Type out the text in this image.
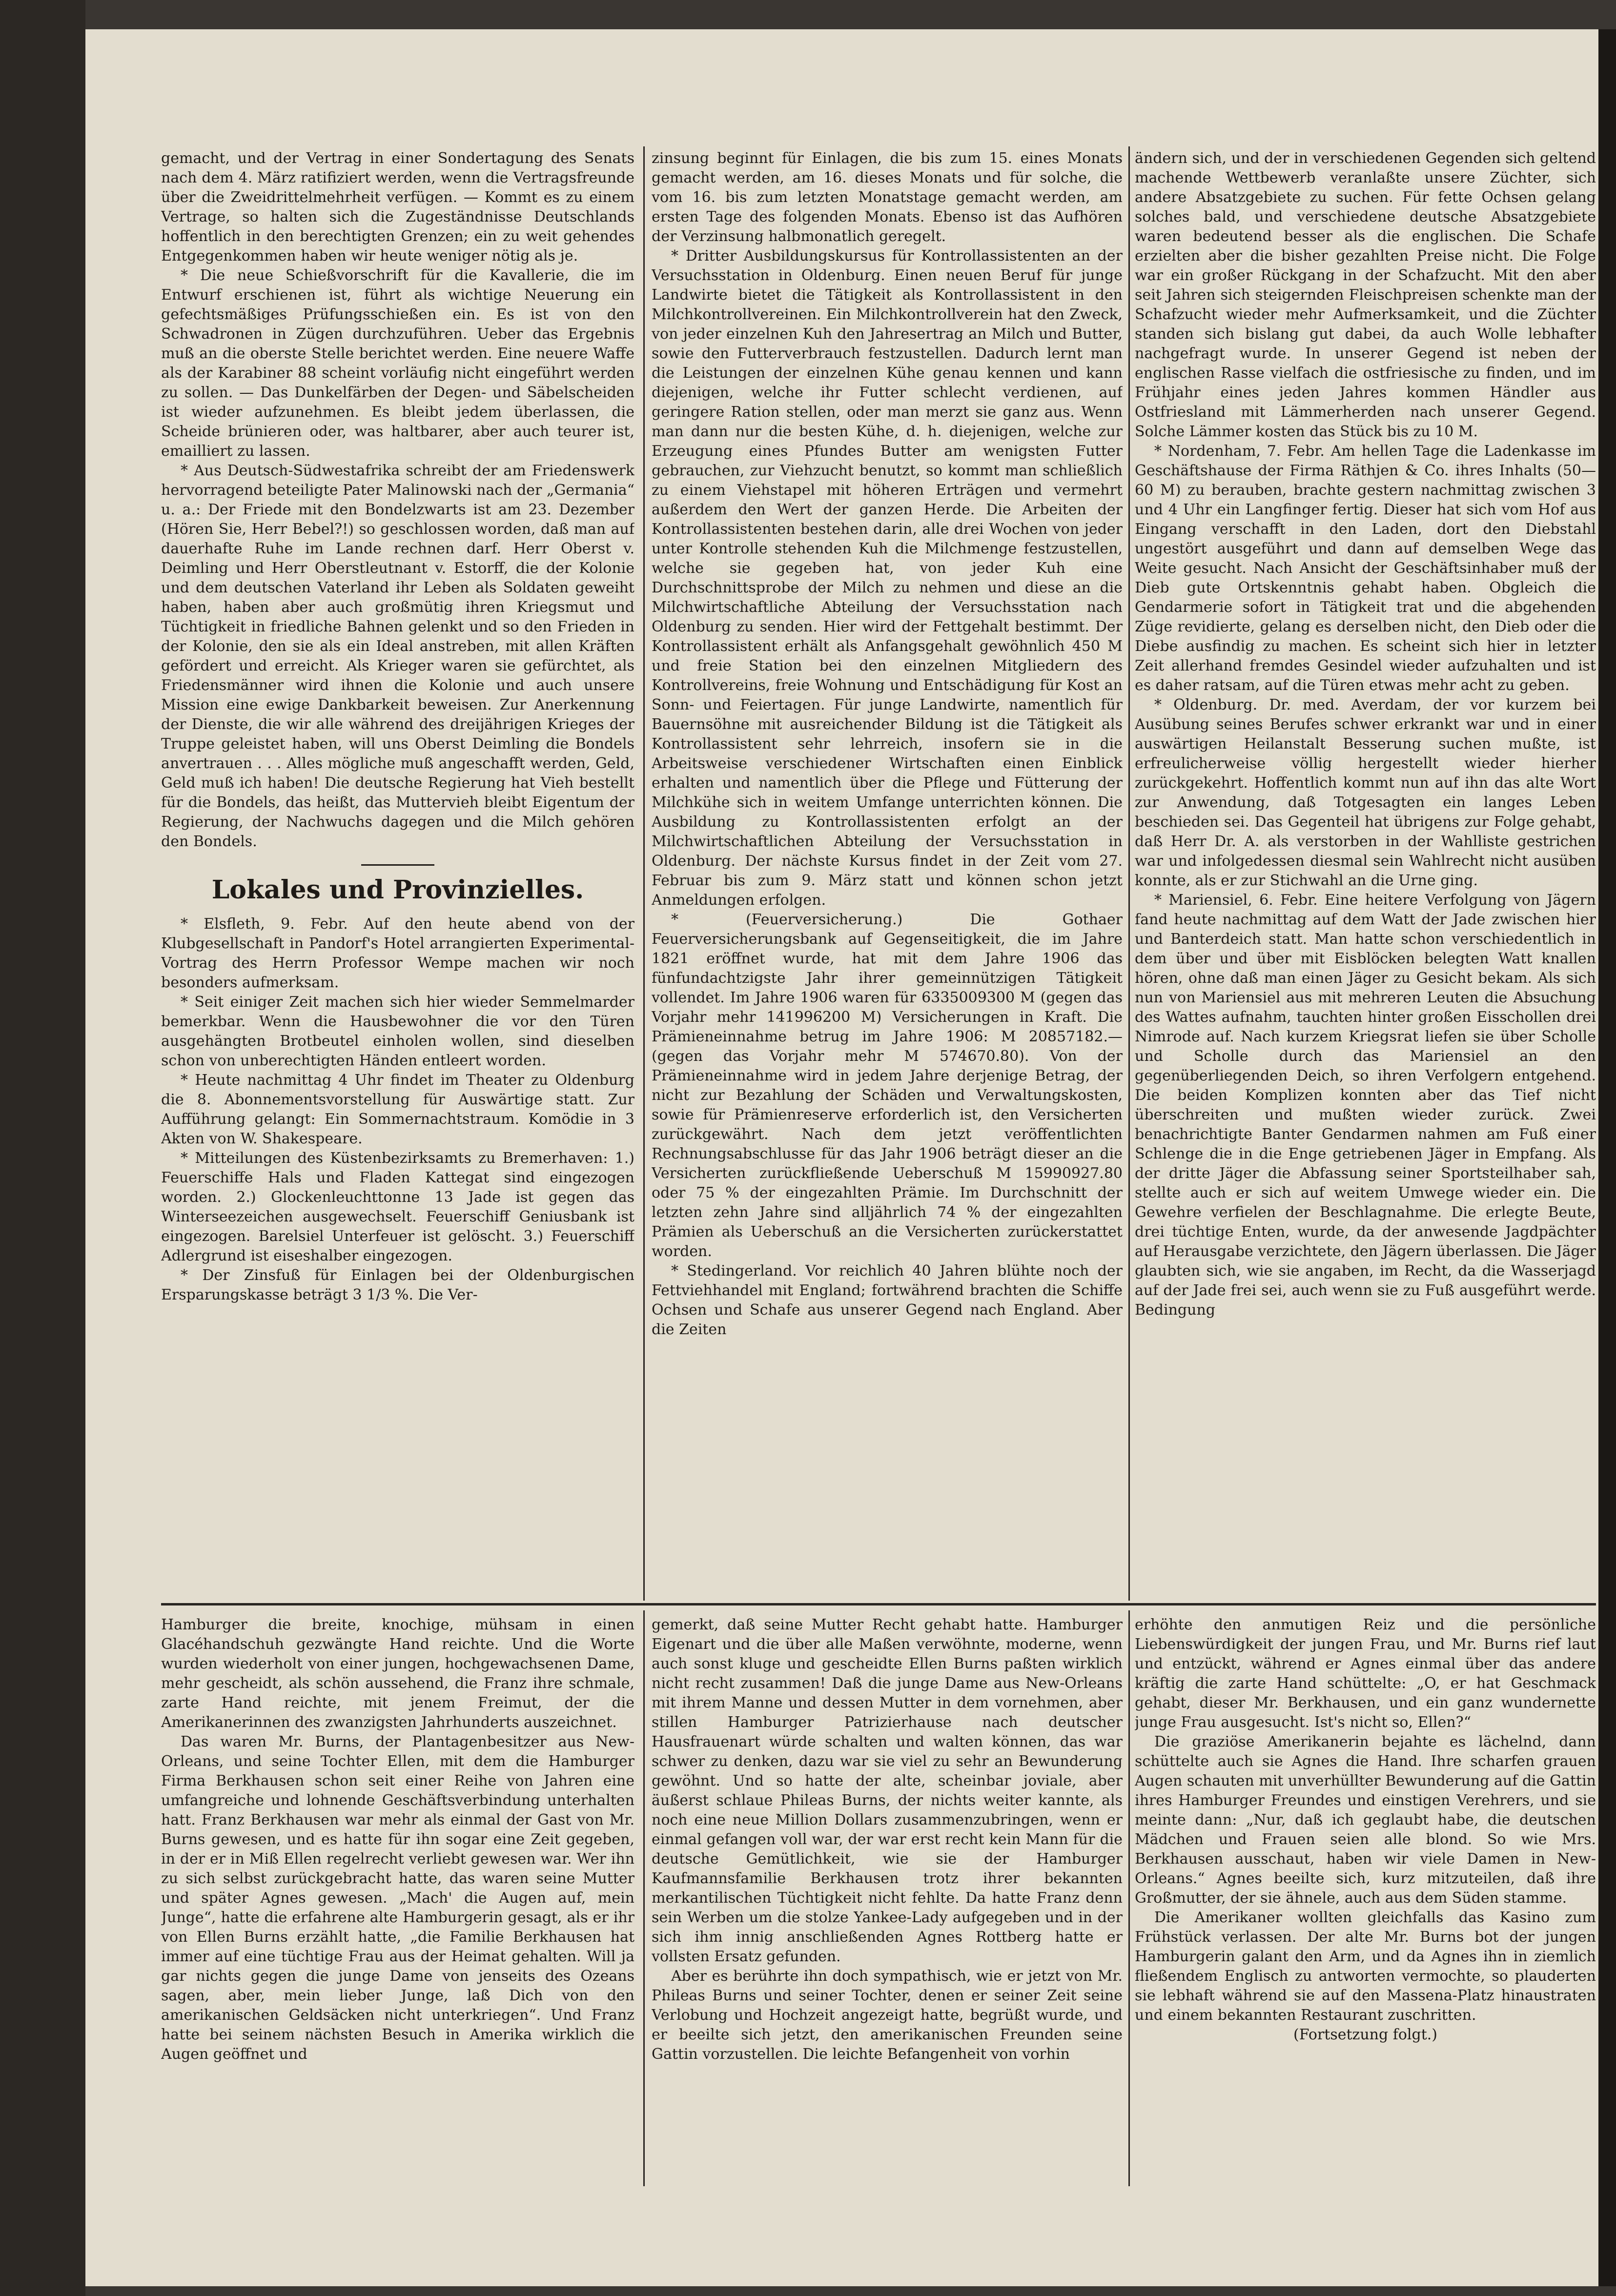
gemacht, und der Vertrag in einer Sondertagung des Senats nach dem 4. März ratifiziert werden, wenn die Vertragsfreunde über die Zweidrittelmehrheit verfügen. — Kommt es zu einem Vertrage, so halten sich die Zugeständnisse Deutschlands hoffentlich in den berechtigten Grenzen; ein zu weit gehendes Entgegenkommen haben wir heute weniger nötig als je.

* Die neue Schießvorschrift für die Kavallerie, die im Entwurf erschienen ist, führt als wichtige Neuerung ein gefechtsmäßiges Prüfungsschießen ein. Es ist von den Schwadronen in Zügen durchzuführen. Ueber das Ergebnis muß an die oberste Stelle berichtet werden. Eine neuere Waffe als der Karabiner 88 scheint vorläufig nicht eingeführt werden zu sollen. — Das Dunkelfärben der Degen- und Säbelscheiden ist wieder aufzunehmen. Es bleibt jedem überlassen, die Scheide brünieren oder, was haltbarer, aber auch teurer ist, emailliert zu lassen.

* Aus Deutsch-Südwestafrika schreibt der am Friedenswerk hervorragend beteiligte Pater Malinowski nach der „Germania“ u. a.: Der Friede mit den Bondelzwarts ist am 23. Dezember (Hören Sie, Herr Bebel?!) so geschlossen worden, daß man auf dauerhafte Ruhe im Lande rechnen darf. Herr Oberst v. Deimling und Herr Oberstleutnant v. Estorff, die der Kolonie und dem deutschen Vaterland ihr Leben als Soldaten geweiht haben, haben aber auch großmütig ihren Kriegsmut und Tüchtigkeit in friedliche Bahnen gelenkt und so den Frieden in der Kolonie, den sie als ein Ideal anstreben, mit allen Kräften gefördert und erreicht. Als Krieger waren sie gefürchtet, als Friedensmänner wird ihnen die Kolonie und auch unsere Mission eine ewige Dankbarkeit beweisen. Zur Anerkennung der Dienste, die wir alle während des dreijährigen Krieges der Truppe geleistet haben, will uns Oberst Deimling die Bondels anvertrauen . . . Alles mögliche muß angeschafft werden, Geld, Geld muß ich haben! Die deutsche Regierung hat Vieh bestellt für die Bondels, das heißt, das Muttervieh bleibt Eigentum der Regierung, der Nachwuchs dagegen und die Milch gehören den Bondels.

Lokales und Provinzielles.

* Elsfleth, 9. Febr. Auf den heute abend von der Klubgesellschaft in Pandorf's Hotel arrangierten Experimental-Vortrag des Herrn Professor Wempe machen wir noch besonders aufmerksam.

* Seit einiger Zeit machen sich hier wieder Semmelmarder bemerkbar. Wenn die Hausbewohner die vor den Türen ausgehängten Brotbeutel einholen wollen, sind dieselben schon von unberechtigten Händen entleert worden.

* Heute nachmittag 4 Uhr findet im Theater zu Oldenburg die 8. Abonnementsvorstellung für Auswärtige statt. Zur Aufführung gelangt: Ein Sommernachtstraum. Komödie in 3 Akten von W. Shakespeare.

* Mitteilungen des Küstenbezirksamts zu Bremerhaven: 1.) Feuerschiffe Hals und Fladen Kattegat sind eingezogen worden. 2.) Glockenleuchttonne 13 Jade ist gegen das Winterseezeichen ausgewechselt. Feuerschiff Geniusbank ist eingezogen. Barelsiel Unterfeuer ist gelöscht. 3.) Feuerschiff Adlergrund ist eiseshalber eingezogen.

* Der Zinsfuß für Einlagen bei der Oldenburgischen Ersparungskasse beträgt 3 1/3 %. Die Ver-

zinsung beginnt für Einlagen, die bis zum 15. eines Monats gemacht werden, am 16. dieses Monats und für solche, die vom 16. bis zum letzten Monatstage gemacht werden, am ersten Tage des folgenden Monats. Ebenso ist das Aufhören der Verzinsung halbmonatlich geregelt.

* Dritter Ausbildungskursus für Kontrollassistenten an der Versuchsstation in Oldenburg. Einen neuen Beruf für junge Landwirte bietet die Tätigkeit als Kontrollassistent in den Milchkontrollvereinen. Ein Milchkontrollverein hat den Zweck, von jeder einzelnen Kuh den Jahresertrag an Milch und Butter, sowie den Futterverbrauch festzustellen. Dadurch lernt man die Leistungen der einzelnen Kühe genau kennen und kann diejenigen, welche ihr Futter schlecht verdienen, auf geringere Ration stellen, oder man merzt sie ganz aus. Wenn man dann nur die besten Kühe, d. h. diejenigen, welche zur Erzeugung eines Pfundes Butter am wenigsten Futter gebrauchen, zur Viehzucht benutzt, so kommt man schließlich zu einem Viehstapel mit höheren Erträgen und vermehrt außerdem den Wert der ganzen Herde. Die Arbeiten der Kontrollassistenten bestehen darin, alle drei Wochen von jeder unter Kontrolle stehenden Kuh die Milchmenge festzustellen, welche sie gegeben hat, von jeder Kuh eine Durchschnittsprobe der Milch zu nehmen und diese an die Milchwirtschaftliche Abteilung der Versuchsstation nach Oldenburg zu senden. Hier wird der Fettgehalt bestimmt. Der Kontrollassistent erhält als Anfangsgehalt gewöhnlich 450 M und freie Station bei den einzelnen Mitgliedern des Kontrollvereins, freie Wohnung und Entschädigung für Kost an Sonn- und Feiertagen. Für junge Landwirte, namentlich für Bauernsöhne mit ausreichender Bildung ist die Tätigkeit als Kontrollassistent sehr lehrreich, insofern sie in die Arbeitsweise verschiedener Wirtschaften einen Einblick erhalten und namentlich über die Pflege und Fütterung der Milchkühe sich in weitem Umfange unterrichten können. Die Ausbildung zu Kontrollassistenten erfolgt an der Milchwirtschaftlichen Abteilung der Versuchsstation in Oldenburg. Der nächste Kursus findet in der Zeit vom 27. Februar bis zum 9. März statt und können schon jetzt Anmeldungen erfolgen.

* (Feuerversicherung.) Die Gothaer Feuerversicherungsbank auf Gegenseitigkeit, die im Jahre 1821 eröffnet wurde, hat mit dem Jahre 1906 das fünfundachtzigste Jahr ihrer gemeinnützigen Tätigkeit vollendet. Im Jahre 1906 waren für 6335009300 M (gegen das Vorjahr mehr 141996200 M) Versicherungen in Kraft. Die Prämieneinnahme betrug im Jahre 1906: M 20857182.— (gegen das Vorjahr mehr M 574670.80). Von der Prämieneinnahme wird in jedem Jahre derjenige Betrag, der nicht zur Bezahlung der Schäden und Verwaltungskosten, sowie für Prämienreserve erforderlich ist, den Versicherten zurückgewährt. Nach dem jetzt veröffentlichten Rechnungsabschlusse für das Jahr 1906 beträgt dieser an die Versicherten zurückfließende Ueberschuß M 15990927.80 oder 75 % der eingezahlten Prämie. Im Durchschnitt der letzten zehn Jahre sind alljährlich 74 % der eingezahlten Prämien als Ueberschuß an die Versicherten zurückerstattet worden.

* Stedingerland. Vor reichlich 40 Jahren blühte noch der Fettviehhandel mit England; fortwährend brachten die Schiffe Ochsen und Schafe aus unserer Gegend nach England. Aber die Zeiten

ändern sich, und der in verschiedenen Gegenden sich geltend machende Wettbewerb veranlaßte unsere Züchter, sich andere Absatzgebiete zu suchen. Für fette Ochsen gelang solches bald, und verschiedene deutsche Absatzgebiete waren bedeutend besser als die englischen. Die Schafe erzielten aber die bisher gezahlten Preise nicht. Die Folge war ein großer Rückgang in der Schafzucht. Mit den aber seit Jahren sich steigernden Fleischpreisen schenkte man der Schafzucht wieder mehr Aufmerksamkeit, und die Züchter standen sich bislang gut dabei, da auch Wolle lebhafter nachgefragt wurde. In unserer Gegend ist neben der englischen Rasse vielfach die ostfriesische zu finden, und im Frühjahr eines jeden Jahres kommen Händler aus Ostfriesland mit Lämmerherden nach unserer Gegend. Solche Lämmer kosten das Stück bis zu 10 M.

* Nordenham, 7. Febr. Am hellen Tage die Ladenkasse im Geschäftshause der Firma Räthjen & Co. ihres Inhalts (50—60 M) zu berauben, brachte gestern nachmittag zwischen 3 und 4 Uhr ein Langfinger fertig. Dieser hat sich vom Hof aus Eingang verschafft in den Laden, dort den Diebstahl ungestört ausgeführt und dann auf demselben Wege das Weite gesucht. Nach Ansicht der Geschäftsinhaber muß der Dieb gute Ortskenntnis gehabt haben. Obgleich die Gendarmerie sofort in Tätigkeit trat und die abgehenden Züge revidierte, gelang es derselben nicht, den Dieb oder die Diebe ausfindig zu machen. Es scheint sich hier in letzter Zeit allerhand fremdes Gesindel wieder aufzuhalten und ist es daher ratsam, auf die Türen etwas mehr acht zu geben.

* Oldenburg. Dr. med. Averdam, der vor kurzem bei Ausübung seines Berufes schwer erkrankt war und in einer auswärtigen Heilanstalt Besserung suchen mußte, ist erfreulicherweise völlig hergestellt wieder hierher zurückgekehrt. Hoffentlich kommt nun auf ihn das alte Wort zur Anwendung, daß Totgesagten ein langes Leben beschieden sei. Das Gegenteil hat übrigens zur Folge gehabt, daß Herr Dr. A. als verstorben in der Wahlliste gestrichen war und infolgedessen diesmal sein Wahlrecht nicht ausüben konnte, als er zur Stichwahl an die Urne ging.

* Mariensiel, 6. Febr. Eine heitere Verfolgung von Jägern fand heute nachmittag auf dem Watt der Jade zwischen hier und Banterdeich statt. Man hatte schon verschiedentlich in dem über und über mit Eisblöcken belegten Watt knallen hören, ohne daß man einen Jäger zu Gesicht bekam. Als sich nun von Mariensiel aus mit mehreren Leuten die Absuchung des Wattes aufnahm, tauchten hinter großen Eisschollen drei Nimrode auf. Nach kurzem Kriegsrat liefen sie über Scholle und Scholle durch das Mariensiel an den gegenüberliegenden Deich, so ihren Verfolgern entgehend. Die beiden Komplizen konnten aber das Tief nicht überschreiten und mußten wieder zurück. Zwei benachrichtigte Banter Gendarmen nahmen am Fuß einer Schlenge die in die Enge getriebenen Jäger in Empfang. Als der dritte Jäger die Abfassung seiner Sportsteilhaber sah, stellte auch er sich auf weitem Umwege wieder ein. Die Gewehre verfielen der Beschlagnahme. Die erlegte Beute, drei tüchtige Enten, wurde, da der anwesende Jagdpächter auf Herausgabe verzichtete, den Jägern überlassen. Die Jäger glaubten sich, wie sie angaben, im Recht, da die Wasserjagd auf der Jade frei sei, auch wenn sie zu Fuß ausgeführt werde. Bedingung

Hamburger die breite, knochige, mühsam in einen Glacéhandschuh gezwängte Hand reichte. Und die Worte wurden wiederholt von einer jungen, hochgewachsenen Dame, mehr gescheidt, als schön aussehend, die Franz ihre schmale, zarte Hand reichte, mit jenem Freimut, der die Amerikanerinnen des zwanzigsten Jahrhunderts auszeichnet.

Das waren Mr. Burns, der Plantagenbesitzer aus New-Orleans, und seine Tochter Ellen, mit dem die Hamburger Firma Berkhausen schon seit einer Reihe von Jahren eine umfangreiche und lohnende Geschäftsverbindung unterhalten hatt. Franz Berkhausen war mehr als einmal der Gast von Mr. Burns gewesen, und es hatte für ihn sogar eine Zeit gegeben, in der er in Miß Ellen regelrecht verliebt gewesen war. Wer ihn zu sich selbst zurückgebracht hatte, das waren seine Mutter und später Agnes gewesen. „Mach' die Augen auf, mein Junge“, hatte die erfahrene alte Hamburgerin gesagt, als er ihr von Ellen Burns erzählt hatte, „die Familie Berkhausen hat immer auf eine tüchtige Frau aus der Heimat gehalten. Will ja gar nichts gegen die junge Dame von jenseits des Ozeans sagen, aber, mein lieber Junge, laß Dich von den amerikanischen Geldsäcken nicht unterkriegen“. Und Franz hatte bei seinem nächsten Besuch in Amerika wirklich die Augen geöffnet und

gemerkt, daß seine Mutter Recht gehabt hatte. Hamburger Eigenart und die über alle Maßen verwöhnte, moderne, wenn auch sonst kluge und gescheidte Ellen Burns paßten wirklich nicht recht zusammen! Daß die junge Dame aus New-Orleans mit ihrem Manne und dessen Mutter in dem vornehmen, aber stillen Hamburger Patrizierhause nach deutscher Hausfrauenart würde schalten und walten können, das war schwer zu denken, dazu war sie viel zu sehr an Bewunderung gewöhnt. Und so hatte der alte, scheinbar joviale, aber äußerst schlaue Phileas Burns, der nichts weiter kannte, als noch eine neue Million Dollars zusammenzubringen, wenn er einmal gefangen voll war, der war erst recht kein Mann für die deutsche Gemütlichkeit, wie sie der Hamburger Kaufmannsfamilie Berkhausen trotz ihrer bekannten merkantilischen Tüchtigkeit nicht fehlte. Da hatte Franz denn sein Werben um die stolze Yankee-Lady aufgegeben und in der sich ihm innig anschließenden Agnes Rottberg hatte er vollsten Ersatz gefunden.

Aber es berührte ihn doch sympathisch, wie er jetzt von Mr. Phileas Burns und seiner Tochter, denen er seiner Zeit seine Verlobung und Hochzeit angezeigt hatte, begrüßt wurde, und er beeilte sich jetzt, den amerikanischen Freunden seine Gattin vorzustellen. Die leichte Befangenheit von vorhin

erhöhte den anmutigen Reiz und die persönliche Liebenswürdigkeit der jungen Frau, und Mr. Burns rief laut und entzückt, während er Agnes einmal über das andere kräftig die zarte Hand schüttelte: „O, er hat Geschmack gehabt, dieser Mr. Berkhausen, und ein ganz wundernette junge Frau ausgesucht. Ist's nicht so, Ellen?“

Die graziöse Amerikanerin bejahte es lächelnd, dann schüttelte auch sie Agnes die Hand. Ihre scharfen grauen Augen schauten mit unverhüllter Bewunderung auf die Gattin ihres Hamburger Freundes und einstigen Verehrers, und sie meinte dann: „Nur, daß ich geglaubt habe, die deutschen Mädchen und Frauen seien alle blond. So wie Mrs. Berkhausen ausschaut, haben wir viele Damen in New-Orleans.“ Agnes beeilte sich, kurz mitzuteilen, daß ihre Großmutter, der sie ähnele, auch aus dem Süden stamme.

Die Amerikaner wollten gleichfalls das Kasino zum Frühstück verlassen. Der alte Mr. Burns bot der jungen Hamburgerin galant den Arm, und da Agnes ihn in ziemlich fließendem Englisch zu antworten vermochte, so plauderten sie lebhaft während sie auf den Massena-Platz hinaustraten und einem bekannten Restaurant zuschritten.

(Fortsetzung folgt.)
